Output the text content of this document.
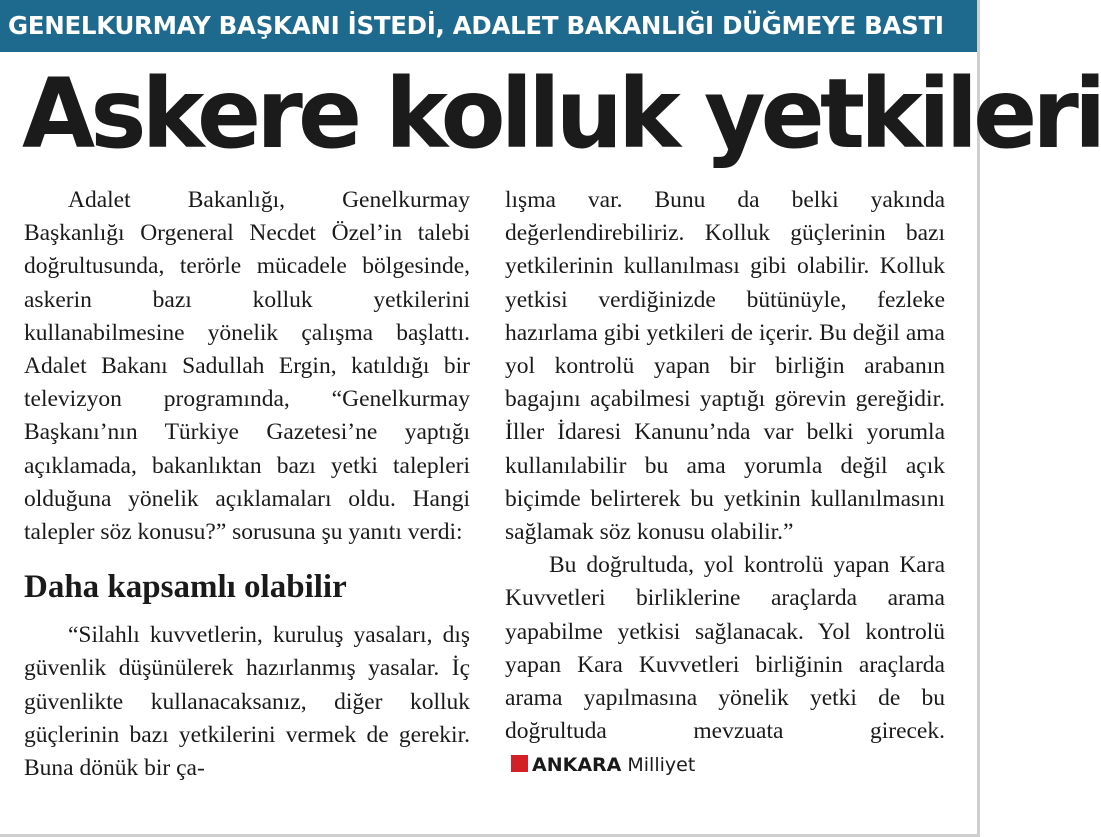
GENELKURMAY BAŞKANI İSTEDİ, ADALET BAKANLIĞI DÜĞMEYE BASTI
Askere kolluk yetkileri

Adalet Bakanlığı, Genelkurmay Başkanlığı Orgeneral Necdet Özel’in talebi doğrultusunda, terörle mücadele bölgesinde, askerin bazı kolluk yetkilerini kullanabilmesine yönelik çalışma başlattı. Adalet Bakanı Sadullah Ergin, katıldığı bir televizyon programında, “Genelkurmay Başkanı’nın Türkiye Gazetesi’ne yaptığı açıklamada, bakanlıktan bazı yetki talepleri olduğuna yönelik açıklamaları oldu. Hangi talepler söz konusu?” sorusuna şu yanıtı verdi:

Daha kapsamlı olabilir

“Silahlı kuvvetlerin, kuruluş yasaları, dış güvenlik düşünülerek hazırlanmış yasalar. İç güvenlikte kullanacaksanız, diğer kolluk güçlerinin bazı yetkilerini vermek de gerekir. Buna dönük bir ça-

lışma var. Bunu da belki yakında değerlendirebiliriz. Kolluk güçlerinin bazı yetkilerinin kullanılması gibi olabilir. Kolluk yetkisi verdiğinizde bütünüyle, fezleke hazırlama gibi yetkileri de içerir. Bu değil ama yol kontrolü yapan bir birliğin arabanın bagajını açabilmesi yaptığı görevin gereğidir. İller İdaresi Kanunu’nda var belki yorumla kullanılabilir bu ama yorumla değil açık biçimde belirterek bu yetkinin kullanılmasını sağlamak söz konusu olabilir.”

Bu doğrultuda, yol kontrolü yapan Kara Kuvvetleri birliklerine araçlarda arama yapabilme yetkisi sağlanacak. Yol kontrolü yapan Kara Kuvvetleri birliğinin araçlarda arama yapılmasına yönelik yetki de bu doğrultuda mevzuata girecek.ANKARA Milliyet
